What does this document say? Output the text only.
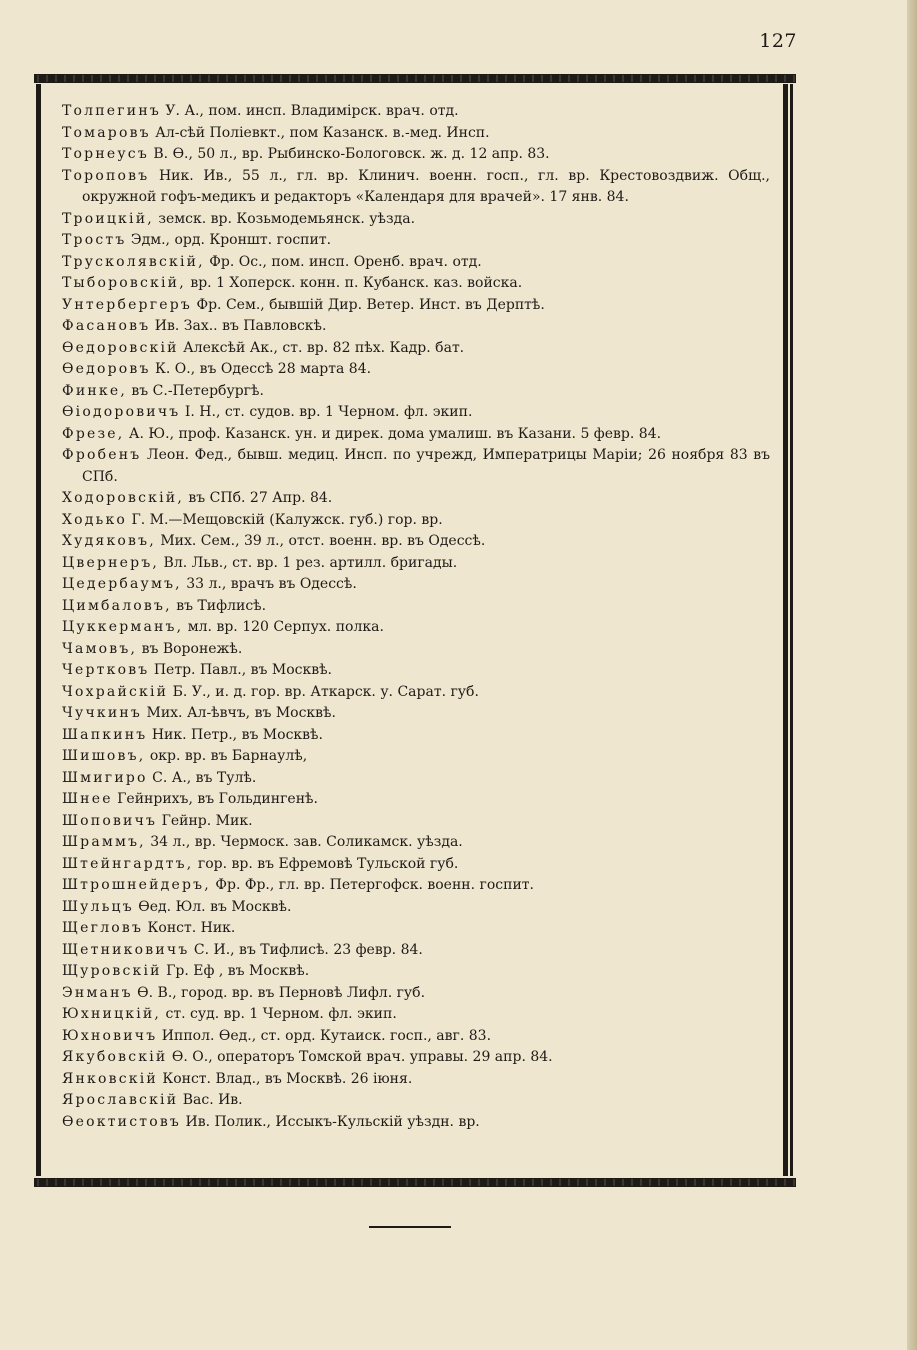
127
Толпегинъ У. А., пом. инсп. Владимірск. врач. отд.
Томаровъ Ал-сѣй Поліевкт., пом Казанск. в.-мед. Инсп.
Торнеусъ В. Ѳ., 50 л., вр. Рыбинско-Бологовск. ж. д. 12 апр. 83.
Тороповъ Ник. Ив., 55 л., гл. вр. Клинич. военн. госп., гл. вр. Крестовоздвиж. Общ., окружной гофъ-медикъ и редакторъ «Календаря для врачей». 17 янв. 84.
Троицкій, земск. вр. Козьмодемьянск. уѣзда.
Тростъ Эдм., орд. Кроншт. госпит.
Трусколявскій, Фр. Ос., пом. инсп. Оренб. врач. отд.
Тыборовскій, вр. 1 Хоперск. конн. п. Кубанск. каз. войска.
Унтербергеръ Фр. Сем., бывшій Дир. Ветер. Инст. въ Дерптѣ.
Фасановъ Ив. Зах.. въ Павловскѣ.
Ѳедоровскій Алексѣй Ак., ст. вр. 82 пѣх. Кадр. бат.
Ѳедоровъ К. О., въ Одессѣ 28 марта 84.
Финке, въ С.-Петербургѣ.
Ѳіодоровичъ І. Н., ст. судов. вр. 1 Черном. фл. экип.
Фрезе, А. Ю., проф. Казанск. ун. и дирек. дома умалиш. въ Казани. 5 февр. 84.
Фробенъ Леон. Фед., бывш. медиц. Инсп. по учрежд, Императрицы Маріи; 26 ноября 83 въ СПб.
Ходоровскій, въ СПб. 27 Апр. 84.
Ходько Г. М.—Мещовскій (Калужск. губ.) гор. вр.
Худяковъ, Мих. Сем., 39 л., отст. военн. вр. въ Одессѣ.
Цвернеръ, Вл. Льв., ст. вр. 1 рез. артилл. бригады.
Цедербаумъ, 33 л., врачъ въ Одессѣ.
Цимбаловъ, въ Тифлисѣ.
Цуккерманъ, мл. вр. 120 Серпух. полка.
Чамовъ, въ Воронежѣ.
Чертковъ Петр. Павл., въ Москвѣ.
Чохрайскій Б. У., и. д. гор. вр. Аткарск. у. Сарат. губ.
Чучкинъ Мих. Ал-ѣвчъ, въ Москвѣ.
Шапкинъ Ник. Петр., въ Москвѣ.
Шишовъ, окр. вр. въ Барнаулѣ,
Шмигиро С. А., въ Тулѣ.
Шнее Гейнрихъ, въ Гольдингенѣ.
Шоповичъ Гейнр. Мик.
Шраммъ, 34 л., вр. Чермоск. зав. Соликамск. уѣзда.
Штейнгардтъ, гор. вр. въ Ефремовѣ Тульской губ.
Штрошнейдеръ, Фр. Фр., гл. вр. Петергофск. военн. госпит.
Шульцъ Ѳед. Юл. въ Москвѣ.
Щегловъ Конст. Ник.
Щетниковичъ С. И., въ Тифлисѣ. 23 февр. 84.
Щуровскій Гр. Еф , въ Москвѣ.
Энманъ Ѳ. В., город. вр. въ Перновѣ Лифл. губ.
Юхницкій, ст. суд. вр. 1 Черном. фл. экип.
Юхновичъ Иппол. Ѳед., ст. орд. Кутаиск. госп., авг. 83.
Якубовскій Ѳ. О., операторъ Томской врач. управы. 29 апр. 84.
Янковскій Конст. Влад., въ Москвѣ. 26 іюня.
Ярославскій Вас. Ив.
Ѳеоктистовъ Ив. Полик., Иссыкъ-Кульскій уѣздн. вр.
